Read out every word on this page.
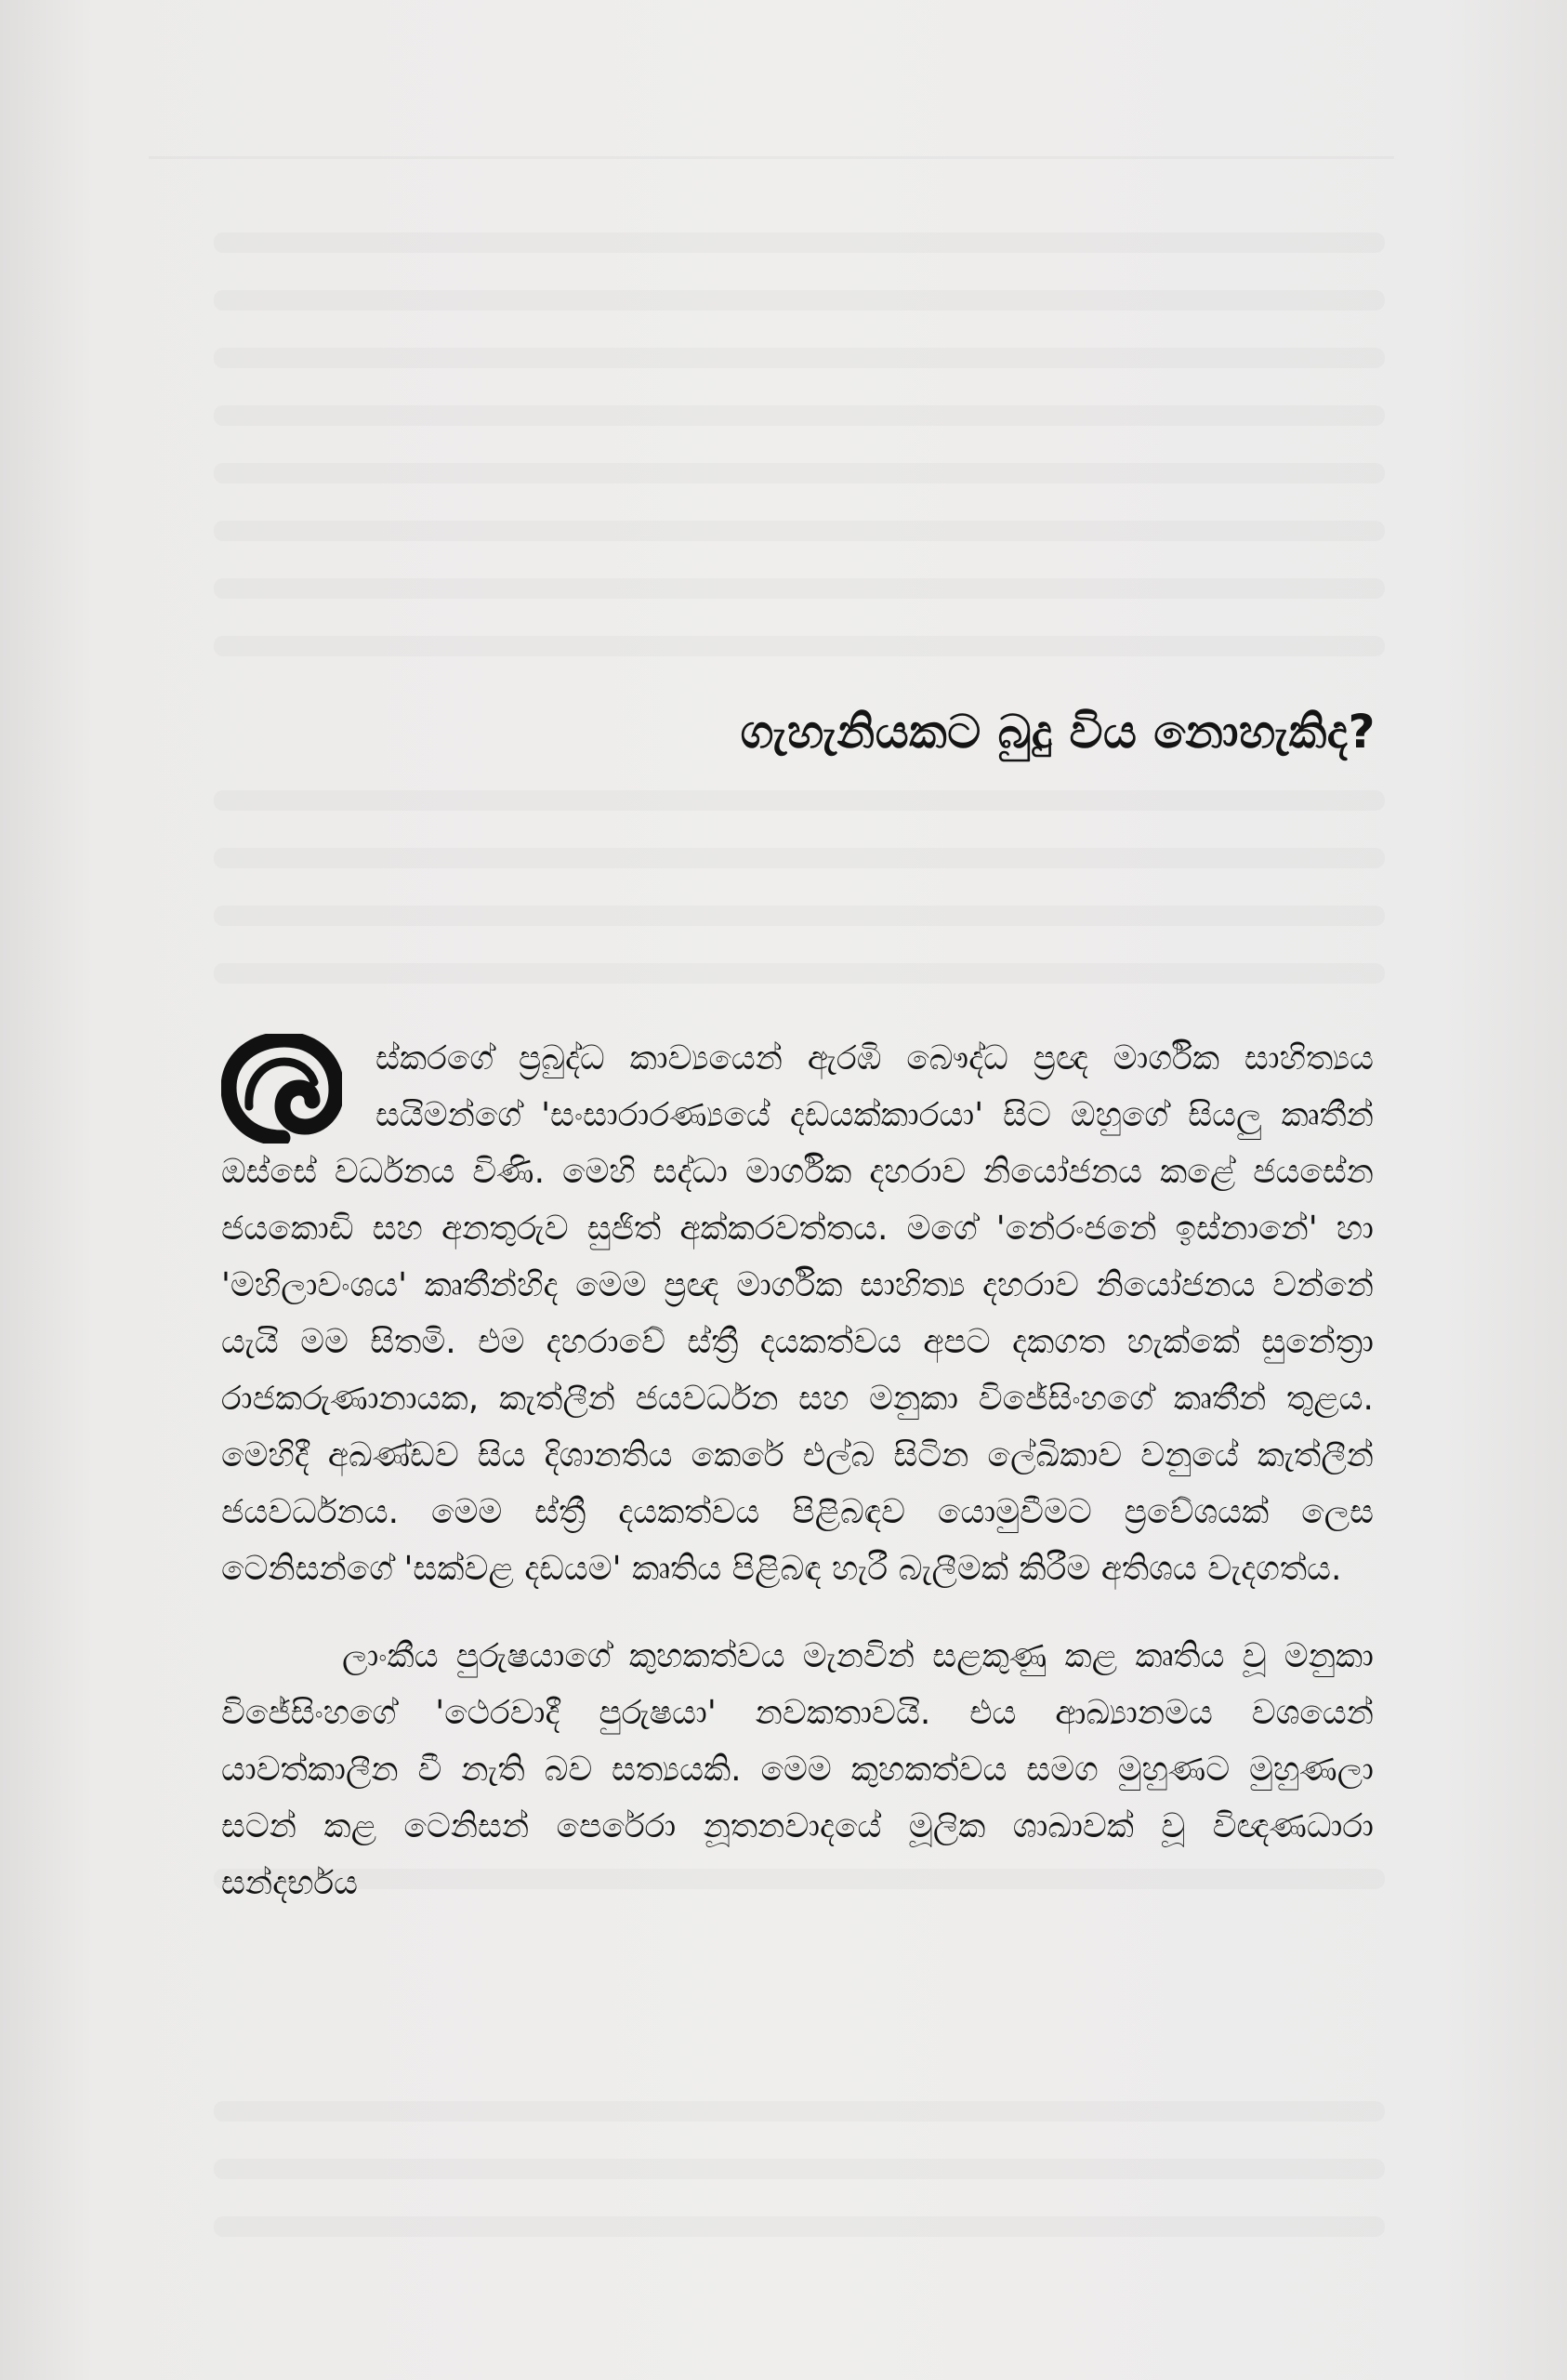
ගැහැනියකට බුදු විය නොහැකිද?

ස්කරගේ ප්‍රබුද්ධ කාව්‍යයෙන් ඇරඹි බෞද්ධ ප්‍රඥ මාර්ගික සාහිත්‍යය සයිමන්ගේ 'සංසාරාරණ්‍යයේ දඩයක්කාරයා' සිට ඔහුගේ සියලු කෘතීන් ඔස්සේ වර්ධනය විණි. මෙහි සද්ධා මාර්ගික දහරාව නියෝජනය කළේ ජයසේන ජයකොඩි සහ අනතුරුව සුජිත් අක්කරවත්තය. මගේ 'නේරංජනේ ඉස්නානේ' හා 'මහිලාවංශය' කෘතීන්හිද මෙම ප්‍රඥ මාර්ගික සාහිත්‍ය දහරාව නියෝජනය වන්නේ යැයි මම සිතමි. එම දහරාවේ ස්ත්‍රී දයකත්වය අපට දකගත හැක්කේ සුනේත්‍රා රාජකරුණානායක, කැත්ලීන් ජයවර්ධන සහ මනුකා විජේසිංහගේ කෘතීන් තුළය. මෙහිදී අඛණ්ඩව සිය දිශානතිය කෙරේ එල්බ සිටින ලේඛිකාව වනුයේ කැත්ලීන් ජයවර්ධනය. මෙම ස්ත්‍රී දයකත්වය පිළිබඳව යොමුවීමට ප්‍රවේශයක් ලෙස ටෙනිසන්ගේ 'සක්වළ දඩයම' කෘතිය පිළිබඳ හැරී බැලීමක් කිරීම අතිශය වැදගත්ය.

ලාංකීය පුරුෂයාගේ කුහකත්වය මැනවින් සළකුණු කළ කෘතිය වූ මනුකා විජේසිංහගේ 'ථෙරවාදී පුරුෂයා' නවකතාවයි. එය ආඛ්‍යානමය වශයෙන් යාවත්කාලීන වී නැති බව සත්‍යයකි. මෙම කුහකත්වය සමග මුහුණට මුහුණලා සටන් කළ ටෙනිසන් පෙරේරා නූතනවාදයේ මූලික ශාඛාවක් වූ විඥණධාරා සන්දර්භය
